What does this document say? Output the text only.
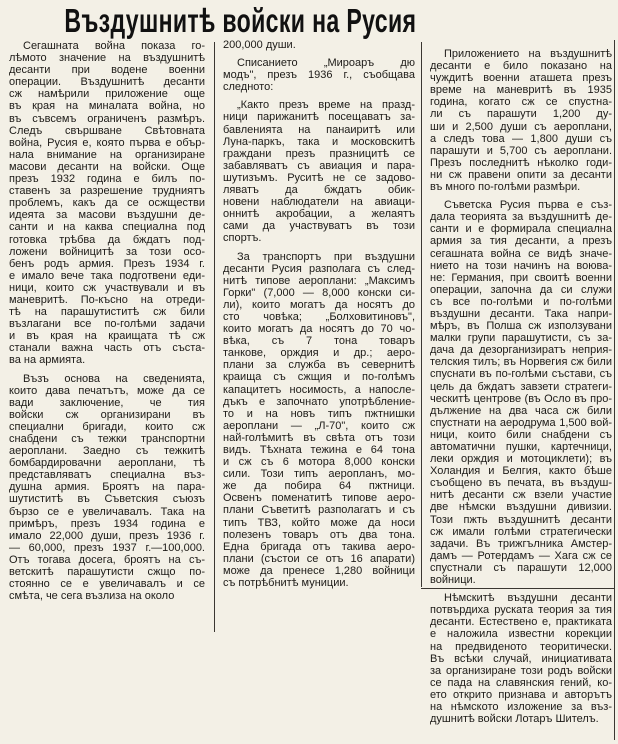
Въздушнитѣ войски на Русия
Сегашната война показа го-
лѣмото значение на въздушнитѣ
десанти при водене военни
операции. Въздушнитѣ десанти
сж намѣрили приложение още
въ края на миналата война, но
въ съвсемъ ограниченъ размѣръ.
Следъ свършване Свѣтовната
война, Русия е, която първа е обър-
нала внимание на организиране
масови десанти на войски. Още
презъ 1932 година е билъ по-
ставенъ за разрешение трудниятъ
проблемъ, какъ да се осжществи
идеята за масови въздушни де-
санти и на каква специална под
готовка трѣбва да бждатъ под-
ложени войницитѣ за този осо-
бенъ родъ армия. Презъ 1934 г.
е имало вече така подготвени еди-
ници, които сж участвували и въ
маневритѣ. По-късно на отреди-
тѣ на парашутиститѣ сж били
възлагани все по-голѣми задачи
и въ края на краищата тѣ сж
станали важна часть отъ съста-
ва на армията.
Възъ основа на сведенията,
които дава печатътъ, може да се
вади заключение, че тия
войски сж организирани въ
специални бригади, които сж
снабдени съ тежки транспортни
аероплани. Заедно съ тежкитѣ
бомбардировачни аероплани, тѣ
представляватъ специална въз-
душна армия. Броятъ на пара-
шутиститѣ въ Съветския съюзъ
бързо се е увеличавалъ. Така на
примѣръ, презъ 1934 година е
имало 22,000 души, презъ 1936 г.
— 60,000, презъ 1937 г.—100,000.
Отъ тогава досега, броятъ на съ-
ветскитѣ парашутисти сжщо по-
стоянно се е увеличавалъ и се
смѣта, че сега възлиза на около
200,000 души.
Списанието „Мироаръ дю
модъ", презъ 1936 г., съобщава
следното:
„Както презъ време на празд-
ници парижанитѣ посещаватъ за-
бавленията на панаиритѣ или
Луна-паркъ, така и московскитѣ
граждани презъ празницитѣ се
забавляватъ съ авиация и пара-
шутизъмъ. Руситѣ не се задово-
ляватъ да бждатъ обик-
новени наблюдатели на авиаци-
оннитѣ акробации, а желаятъ
сами да участвуватъ въ този
спортъ.
За транспортъ при въздушни
десанти Русия разполага съ след-
нитѣ типове аероплани: „Максимъ
Горки" (7,000 — 8,000 конски си-
ли), които могатъ да носятъ до
сто човѣка; „Болховитиновъ",
които могатъ да носятъ до 70 чо-
вѣка, съ 7 тона товаръ
танкове, орждия и др.; аеро-
плани за служба въ севернитѣ
краища съ сжщия и по-голѣмъ
капацитетъ носимость, а напосле-
дъкъ е започнато употрѣбление-
то и на новъ типъ пжтнишки
аероплани — „Л-70", които сж
най-голѣмитѣ въ свѣта отъ този
видъ. Тѣхната тежина е 64 тона
и сж съ 6 мотора 8,000 конски
сили. Този типъ аеропланъ, мо-
же да побира 64 пжтници.
Освенъ поменатитѣ типове аеро-
плани Съветитѣ разполагатъ и съ
типъ ТВЗ, който може да носи
полезенъ товаръ отъ два тона.
Една бригада отъ такива аеро-
плани (състои се отъ 16 апарати)
може да пренесе 1,280 войници
съ потрѣбнитѣ муниции.
Приложението на въздушнитѣ
десанти е било показано на
чуждитѣ военни аташета презъ
време на маневритѣ въ 1935
година, когато сж се спустна-
ли съ парашути 1,200 ду-
ши и 2,500 души съ аероплани,
а следъ това — 1,800 души съ
парашути и 5,700 съ аероплани.
Презъ последнитѣ нѣколко годи-
ни сж правени опити за десанти
въ много по-голѣми размѣри.
Съветска Русия първа е съз-
дала теорията за въздушнитѣ де-
санти и е формирала специална
армия за тия десанти, а презъ
сегашната война се видѣ значе-
нието на този начинъ на воюва-
не: Германия, при своитѣ военни
операции, започна да си служи
съ все по-голѣми и по-голѣми
въздушни десанти. Така напри-
мѣръ, въ Полша сж използувани
малки групи парашутисти, съ за-
дача да дезорганизиратъ неприя-
телския тилъ; въ Норвегия сж били
спуснати въ по-голѣми състави, съ
цель да бждатъ завзети стратеги-
ческитѣ центрове (въ Осло въ про-
дължение на два часа сж били
спустнати на аеродрума 1,500 вой-
ници, които били снабдени съ
автоматични пушки, картечници,
леки орждия и мотоциклети); въ
Холандия и Белгия, както бѣше
съобщено въ печата, въ въздуш-
нитѣ десанти сж взели участие
две нѣмски въздушни дивизии.
Този пжть въздушнитѣ десанти
сж имали голѣми стратегически
задачи. Въ трижгълника Амстер-
дамъ — Ротердамъ — Хага сж се
спустнали съ парашути 12,000
войници.
Нѣмскитѣ въздушни десанти
потвърдиха руската теория за тия
десанти. Естествено е, практиката
е наложила известни корекции
на предвиденото теоритически.
Въ всѣки случай, инициативата
за организиране този родъ войски
се пада на славянския гений, ко-
ето открито признава и авторътъ
на нѣмското изложение за въз-
душнитѣ войски Лотаръ Шителъ.
